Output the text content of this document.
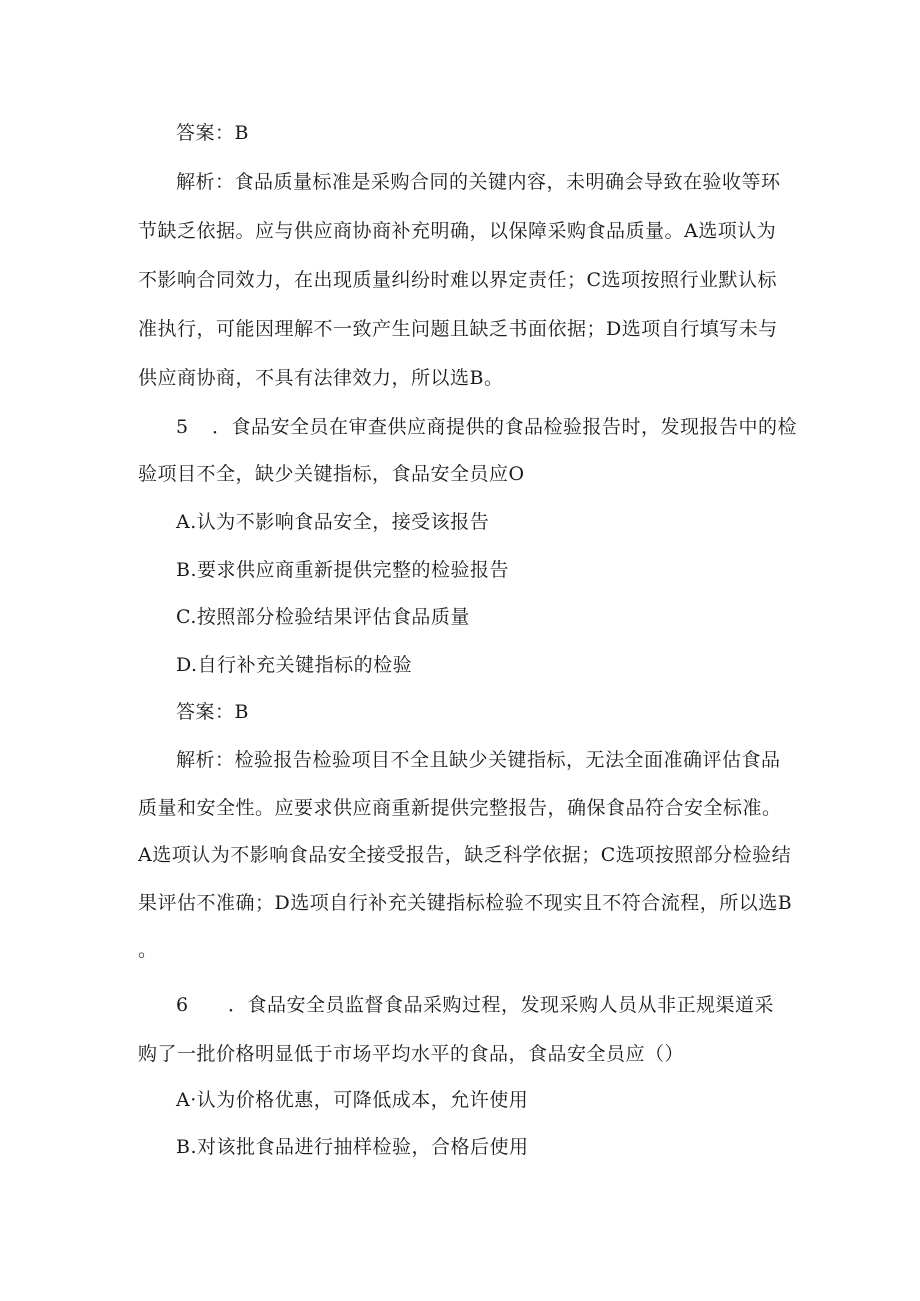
答案：B
解析：食品质量标准是采购合同的关键内容，未明确会导致在验收等环
节缺乏依据。应与供应商协商补充明确，以保障采购食品质量。A选项认为
不影响合同效力，在出现质量纠纷时难以界定责任；C选项按照行业默认标
准执行，可能因理解不一致产生问题且缺乏书面依据；D选项自行填写未与
供应商协商，不具有法律效力，所以选B。
5 ．食品安全员在审查供应商提供的食品检验报告时，发现报告中的检
验项目不全，缺少关键指标，食品安全员应O
A.认为不影响食品安全，接受该报告
B.要求供应商重新提供完整的检验报告
C.按照部分检验结果评估食品质量
D.自行补充关键指标的检验
答案：B
解析：检验报告检验项目不全且缺少关键指标，无法全面准确评估食品
质量和安全性。应要求供应商重新提供完整报告，确保食品符合安全标准。
A选项认为不影响食品安全接受报告，缺乏科学依据；C选项按照部分检验结
果评估不准确；D选项自行补充关键指标检验不现实且不符合流程，所以选B
。
6 ．食品安全员监督食品采购过程，发现采购人员从非正规渠道采
购了一批价格明显低于市场平均水平的食品，食品安全员应（）
A·认为价格优惠，可降低成本，允许使用
B.对该批食品进行抽样检验，合格后使用
